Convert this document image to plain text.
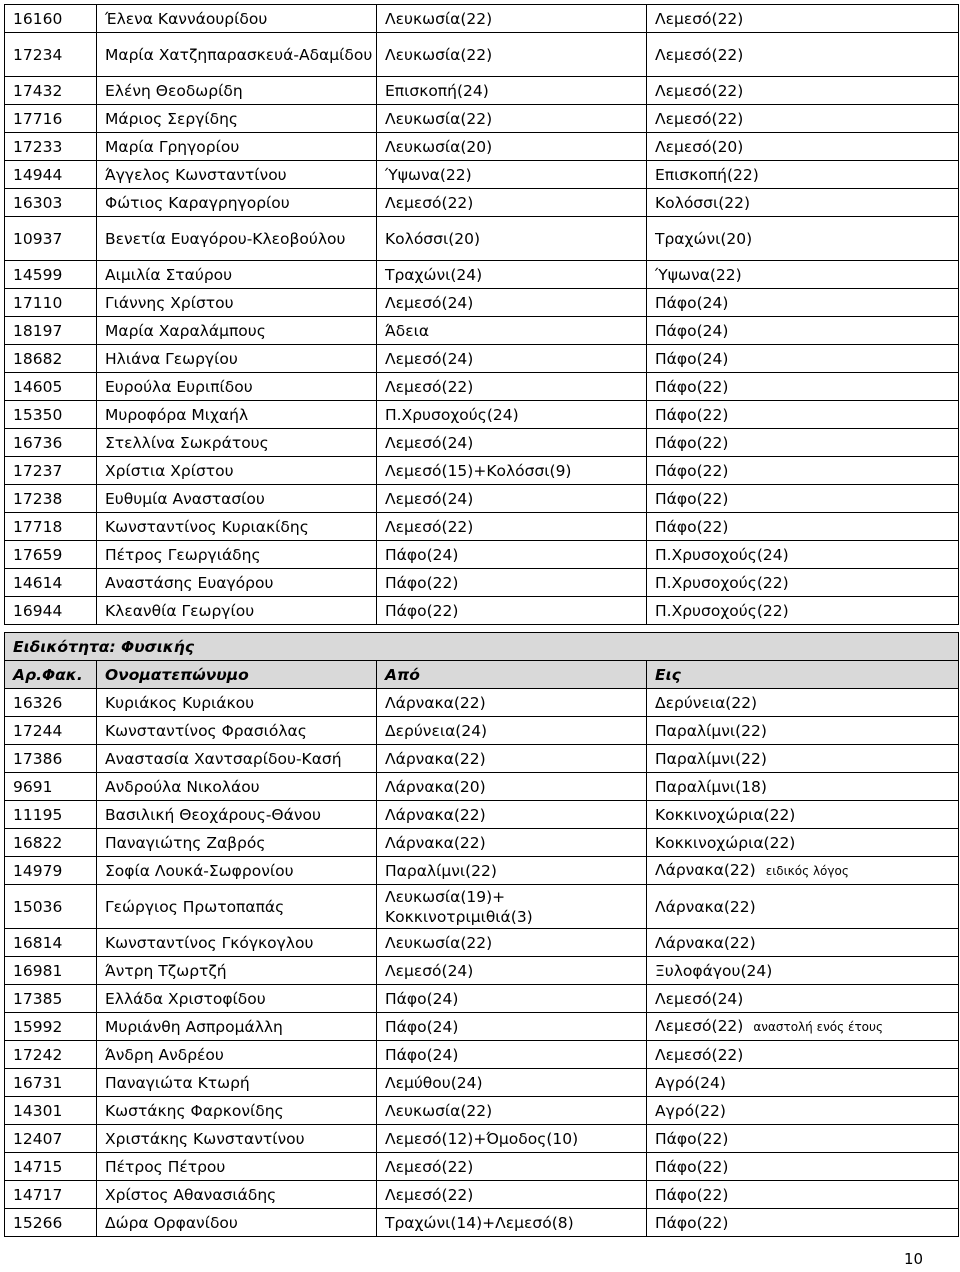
16160	Έλενα Καννάουρίδου	Λευκωσία(22)	Λεμεσό(22)
17234	Μαρία Χατζηπαρασκευά-Αδαμίδου	Λευκωσία(22)	Λεμεσό(22)
17432	Ελένη Θεοδωρίδη	Επισκοπή(24)	Λεμεσό(22)
17716	Μάριος Σεργίδης	Λευκωσία(22)	Λεμεσό(22)
17233	Μαρία Γρηγορίου	Λευκωσία(20)	Λεμεσό(20)
14944	Άγγελος Κωνσταντίνου	Ύψωνα(22)	Επισκοπή(22)
16303	Φώτιος Καραγρηγορίου	Λεμεσό(22)	Κολόσσι(22)
10937	Βενετία Ευαγόρου-Κλεοβούλου	Κολόσσι(20)	Τραχώνι(20)
14599	Αιμιλία Σταύρου	Τραχώνι(24)	Ύψωνα(22)
17110	Γιάννης Χρίστου	Λεμεσό(24)	Πάφο(24)
18197	Μαρία Χαραλάμπους	Άδεια	Πάφο(24)
18682	Ηλιάνα Γεωργίου	Λεμεσό(24)	Πάφο(24)
14605	Ευρούλα Ευριπίδου	Λεμεσό(22)	Πάφο(22)
15350	Μυροφόρα Μιχαήλ	Π.Χρυσοχούς(24)	Πάφο(22)
16736	Στελλίνα Σωκράτους	Λεμεσό(24)	Πάφο(22)
17237	Χρίστια Χρίστου	Λεμεσό(15)+Κολόσσι(9)	Πάφο(22)
17238	Ευθυμία Αναστασίου	Λεμεσό(24)	Πάφο(22)
17718	Κωνσταντίνος Κυριακίδης	Λεμεσό(22)	Πάφο(22)
17659	Πέτρος Γεωργιάδης	Πάφο(24)	Π.Χρυσοχούς(24)
14614	Αναστάσης Ευαγόρου	Πάφο(22)	Π.Χρυσοχούς(22)
16944	Κλεανθία Γεωργίου	Πάφο(22)	Π.Χρυσοχούς(22)
Ειδικότητα: Φυσικής			
Αρ.Φακ.	Ονοματεπώνυμο	Από	Εις
16326	Κυριάκος Κυριάκου	Λάρνακα(22)	Δερύνεια(22)
17244	Κωνσταντίνος Φρασιόλας	Δερύνεια(24)	Παραλίμνι(22)
17386	Αναστασία Χαντσαρίδου-Κασή	Λάρνακα(22)	Παραλίμνι(22)
9691	Ανδρούλα Νικολάου	Λάρνακα(20)	Παραλίμνι(18)
11195	Βασιλική Θεοχάρους-Θάνου	Λάρνακα(22)	Κοκκινοχώρια(22)
16822	Παναγιώτης Ζαβρός	Λάρνακα(22)	Κοκκινοχώρια(22)
14979	Σοφία Λουκά-Σωφρονίου	Παραλίμνι(22)	Λάρνακα(22) ειδικός λόγος
15036	Γεώργιος Πρωτοπαπάς	Λευκωσία(19)+ Κοκκινοτριμιθιά(3)	Λάρνακα(22)
16814	Κωνσταντίνος Γκόγκογλου	Λευκωσία(22)	Λάρνακα(22)
16981	Άντρη Τζωρτζή	Λεμεσό(24)	Ξυλοφάγου(24)
17385	Ελλάδα Χριστοφίδου	Πάφο(24)	Λεμεσό(24)
15992	Μυριάνθη Ασπρομάλλη	Πάφο(24)	Λεμεσό(22) αναστολή ενός έτους
17242	Άνδρη Ανδρέου	Πάφο(24)	Λεμεσό(22)
16731	Παναγιώτα Κτωρή	Λεμύθου(24)	Αγρό(24)
14301	Κωστάκης Φαρκονίδης	Λευκωσία(22)	Αγρό(22)
12407	Χριστάκης Κωνσταντίνου	Λεμεσό(12)+Όμοδος(10)	Πάφο(22)
14715	Πέτρος Πέτρου	Λεμεσό(22)	Πάφο(22)
14717	Χρίστος Αθανασιάδης	Λεμεσό(22)	Πάφο(22)
15266	Δώρα Ορφανίδου	Τραχώνι(14)+Λεμεσό(8)	Πάφο(22)
10
